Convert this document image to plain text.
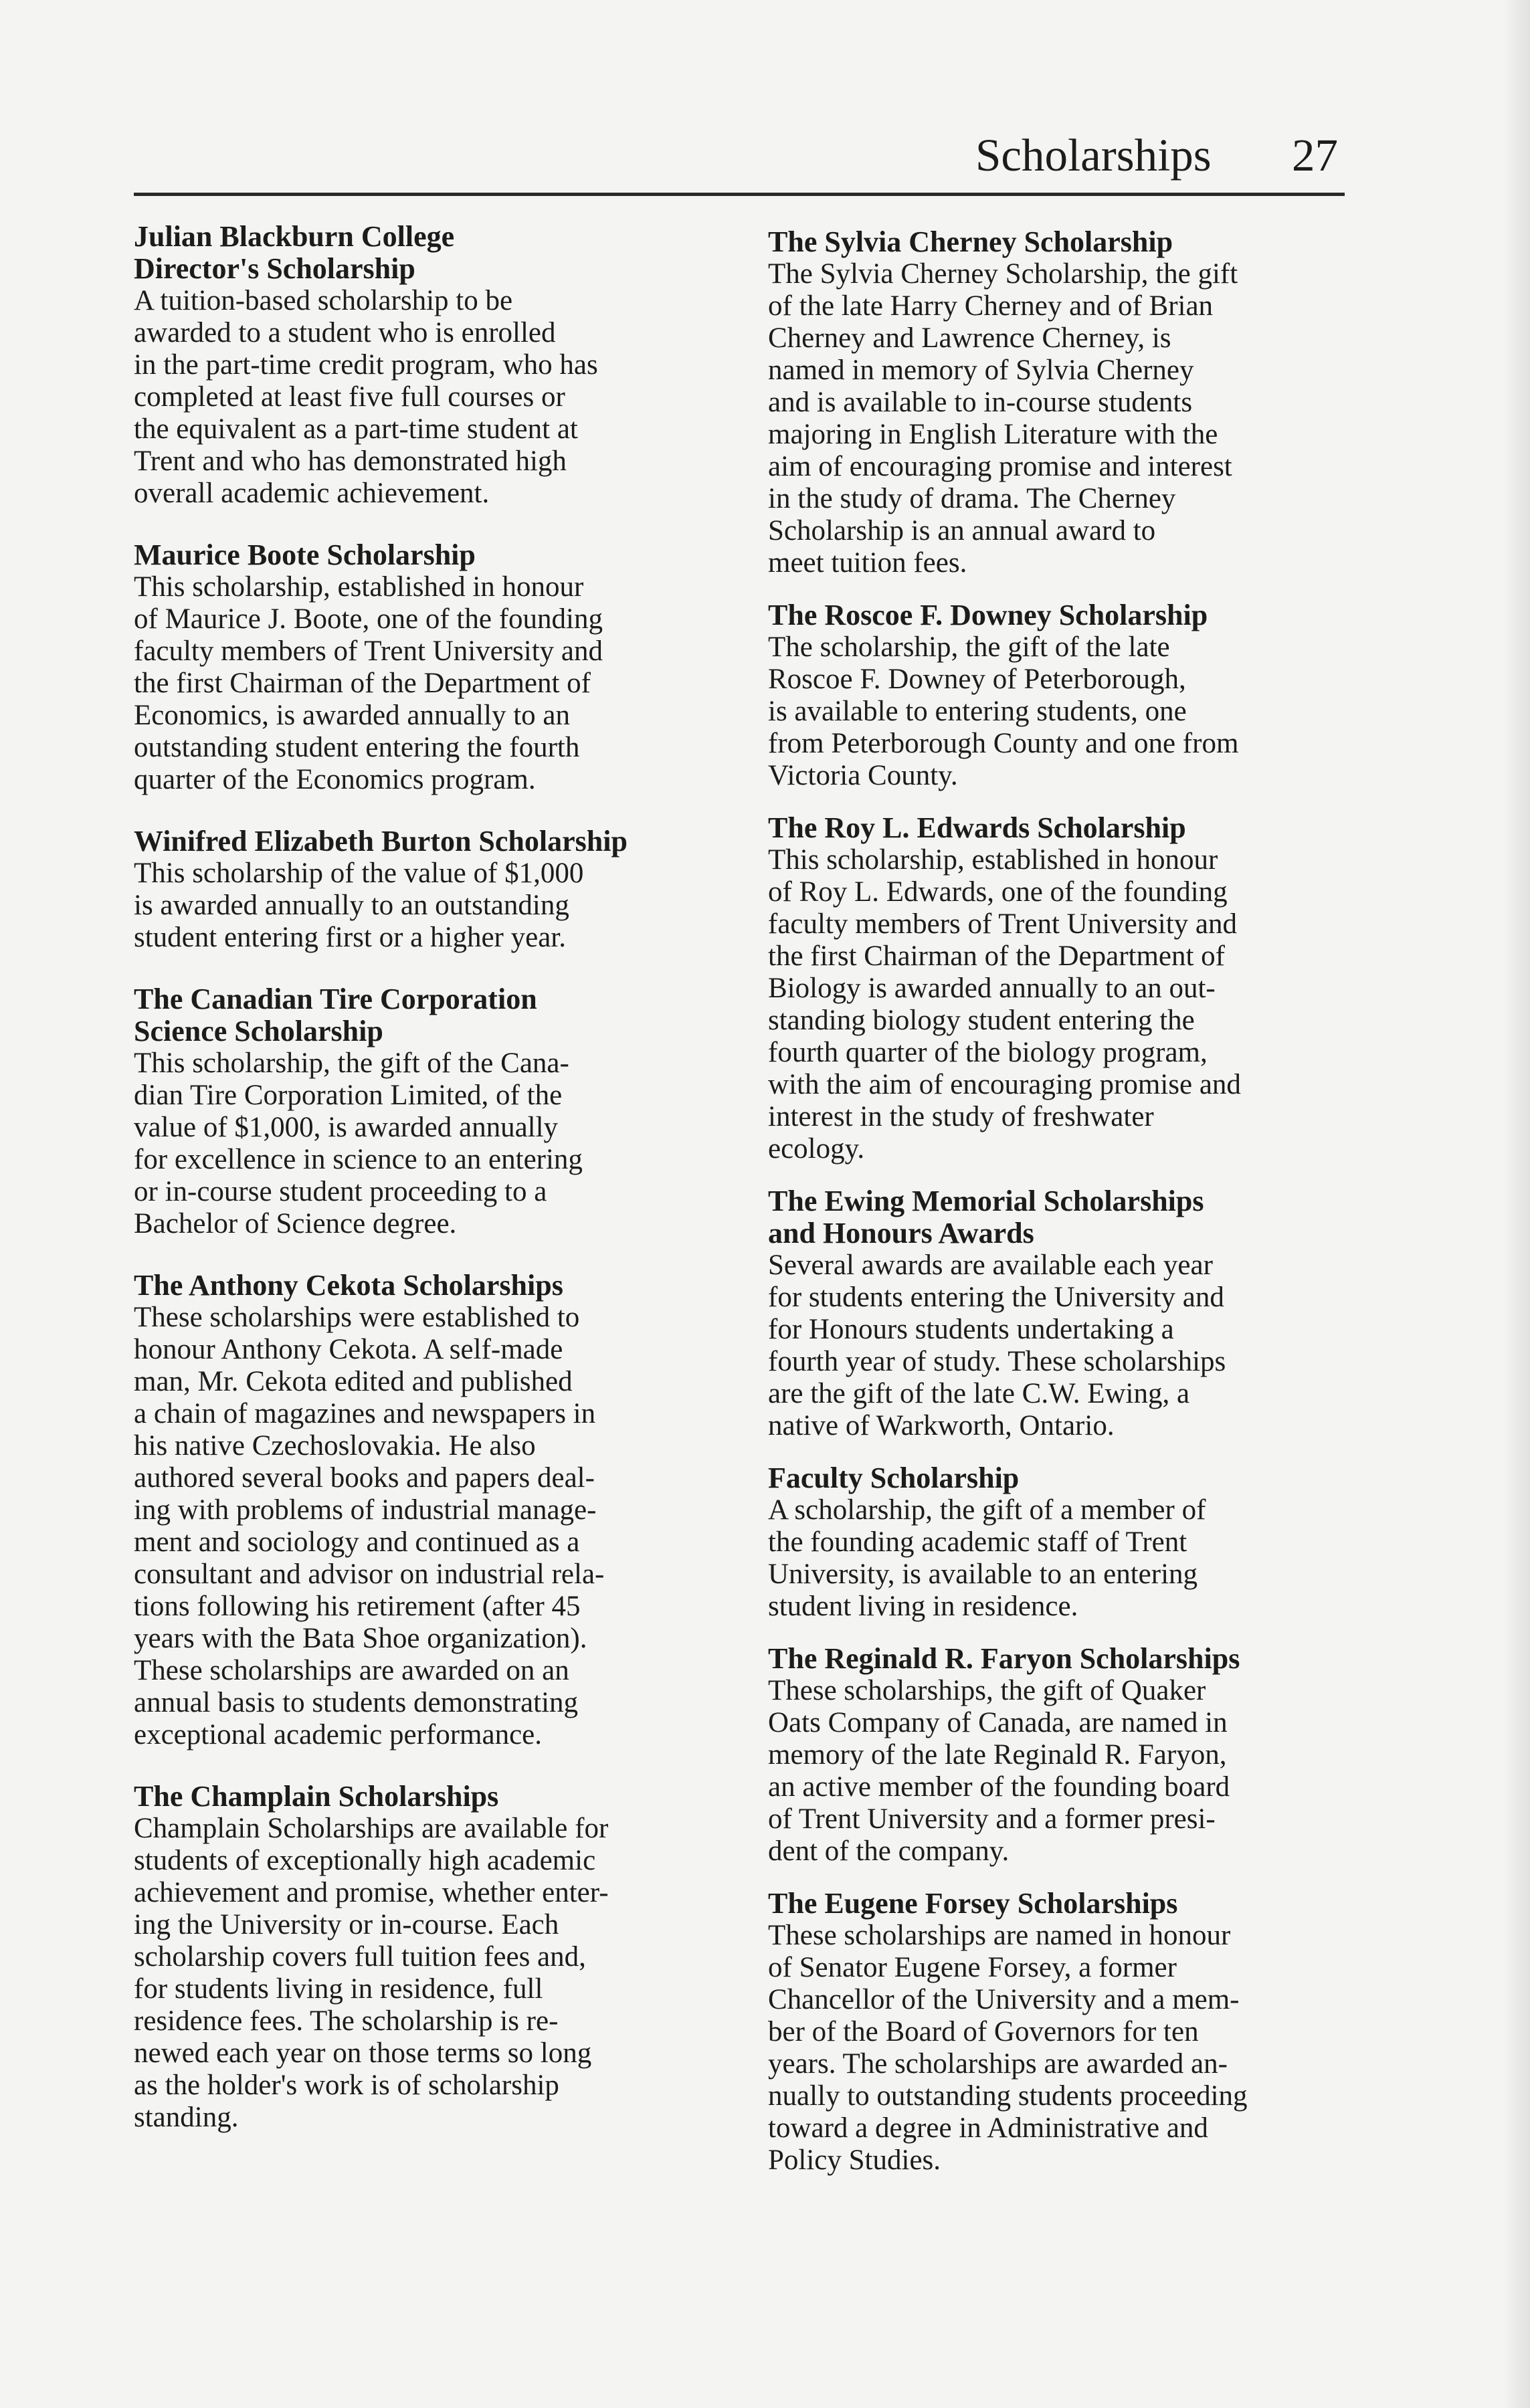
Scholarships 27

Julian Blackburn College
Director's Scholarship

A tuition-based scholarship to be
awarded to a student who is enrolled
in the part-time credit program, who has
completed at least five full courses or
the equivalent as a part-time student at
Trent and who has demonstrated high
overall academic achievement.

Maurice Boote Scholarship

This scholarship, established in honour
of Maurice J. Boote, one of the founding
faculty members of Trent University and
the first Chairman of the Department of
Economics, is awarded annually to an
outstanding student entering the fourth
quarter of the Economics program.

Winifred Elizabeth Burton Scholarship

This scholarship of the value of $1,000
is awarded annually to an outstanding
student entering first or a higher year.

The Canadian Tire Corporation
Science Scholarship

This scholarship, the gift of the Cana-
dian Tire Corporation Limited, of the
value of $1,000, is awarded annually
for excellence in science to an entering
or in-course student proceeding to a
Bachelor of Science degree.

The Anthony Cekota Scholarships

These scholarships were established to
honour Anthony Cekota. A self-made
man, Mr. Cekota edited and published
a chain of magazines and newspapers in
his native Czechoslovakia. He also
authored several books and papers deal-
ing with problems of industrial manage-
ment and sociology and continued as a
consultant and advisor on industrial rela-
tions following his retirement (after 45
years with the Bata Shoe organization).
These scholarships are awarded on an
annual basis to students demonstrating
exceptional academic performance.

The Champlain Scholarships

Champlain Scholarships are available for
students of exceptionally high academic
achievement and promise, whether enter-
ing the University or in-course. Each
scholarship covers full tuition fees and,
for students living in residence, full
residence fees. The scholarship is re-
newed each year on those terms so long
as the holder's work is of scholarship
standing.

The Sylvia Cherney Scholarship

The Sylvia Cherney Scholarship, the gift
of the late Harry Cherney and of Brian
Cherney and Lawrence Cherney, is
named in memory of Sylvia Cherney
and is available to in-course students
majoring in English Literature with the
aim of encouraging promise and interest
in the study of drama. The Cherney
Scholarship is an annual award to
meet tuition fees.

The Roscoe F. Downey Scholarship

The scholarship, the gift of the late
Roscoe F. Downey of Peterborough,
is available to entering students, one
from Peterborough County and one from
Victoria County.

The Roy L. Edwards Scholarship

This scholarship, established in honour
of Roy L. Edwards, one of the founding
faculty members of Trent University and
the first Chairman of the Department of
Biology is awarded annually to an out-
standing biology student entering the
fourth quarter of the biology program,
with the aim of encouraging promise and
interest in the study of freshwater
ecology.

The Ewing Memorial Scholarships
and Honours Awards

Several awards are available each year
for students entering the University and
for Honours students undertaking a
fourth year of study. These scholarships
are the gift of the late C.W. Ewing, a
native of Warkworth, Ontario.

Faculty Scholarship

A scholarship, the gift of a member of
the founding academic staff of Trent
University, is available to an entering
student living in residence.

The Reginald R. Faryon Scholarships

These scholarships, the gift of Quaker
Oats Company of Canada, are named in
memory of the late Reginald R. Faryon,
an active member of the founding board
of Trent University and a former presi-
dent of the company.

The Eugene Forsey Scholarships

These scholarships are named in honour
of Senator Eugene Forsey, a former
Chancellor of the University and a mem-
ber of the Board of Governors for ten
years. The scholarships are awarded an-
nually to outstanding students proceeding
toward a degree in Administrative and
Policy Studies.
